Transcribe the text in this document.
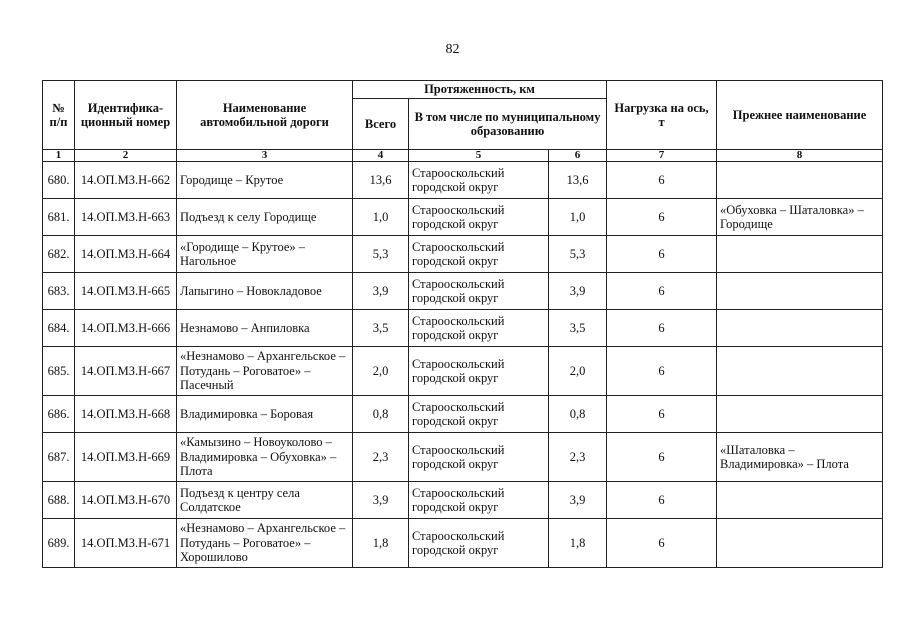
82
№ п/п	Идентифика-ционный номер	Наименование автомобильной дороги	Протяженность, км			Нагрузка на ось, т	Прежнее наименование
			Всего	В том числе по муниципальному образованию			
1	2	3	4	5	6	7	8
680.	14.ОП.МЗ.Н-662	Городище – Крутое	13,6	Старооскольский городской округ	13,6	6	
681.	14.ОП.МЗ.Н-663	Подъезд к селу Городище	1,0	Старооскольский городской округ	1,0	6	«Обуховка – Шаталовка» – Городище
682.	14.ОП.МЗ.Н-664	«Городище – Крутое» – Нагольное	5,3	Старооскольский городской округ	5,3	6	
683.	14.ОП.МЗ.Н-665	Лапыгино – Новокладовое	3,9	Старооскольский городской округ	3,9	6	
684.	14.ОП.МЗ.Н-666	Незнамово – Анпиловка	3,5	Старооскольский городской округ	3,5	6	
685.	14.ОП.МЗ.Н-667	«Незнамово – Архангельское – Потудань – Роговатое» – Пасечный	2,0	Старооскольский городской округ	2,0	6	
686.	14.ОП.МЗ.Н-668	Владимировка – Боровая	0,8	Старооскольский городской округ	0,8	6	
687.	14.ОП.МЗ.Н-669	«Камызино – Новоуколово – Владимировка – Обуховка» – Плота	2,3	Старооскольский городской округ	2,3	6	«Шаталовка – Владимировка» – Плота
688.	14.ОП.МЗ.Н-670	Подъезд к центру села Солдатское	3,9	Старооскольский городской округ	3,9	6	
689.	14.ОП.МЗ.Н-671	«Незнамово – Архангельское – Потудань – Роговатое» – Хорошилово	1,8	Старооскольский городской округ	1,8	6	
